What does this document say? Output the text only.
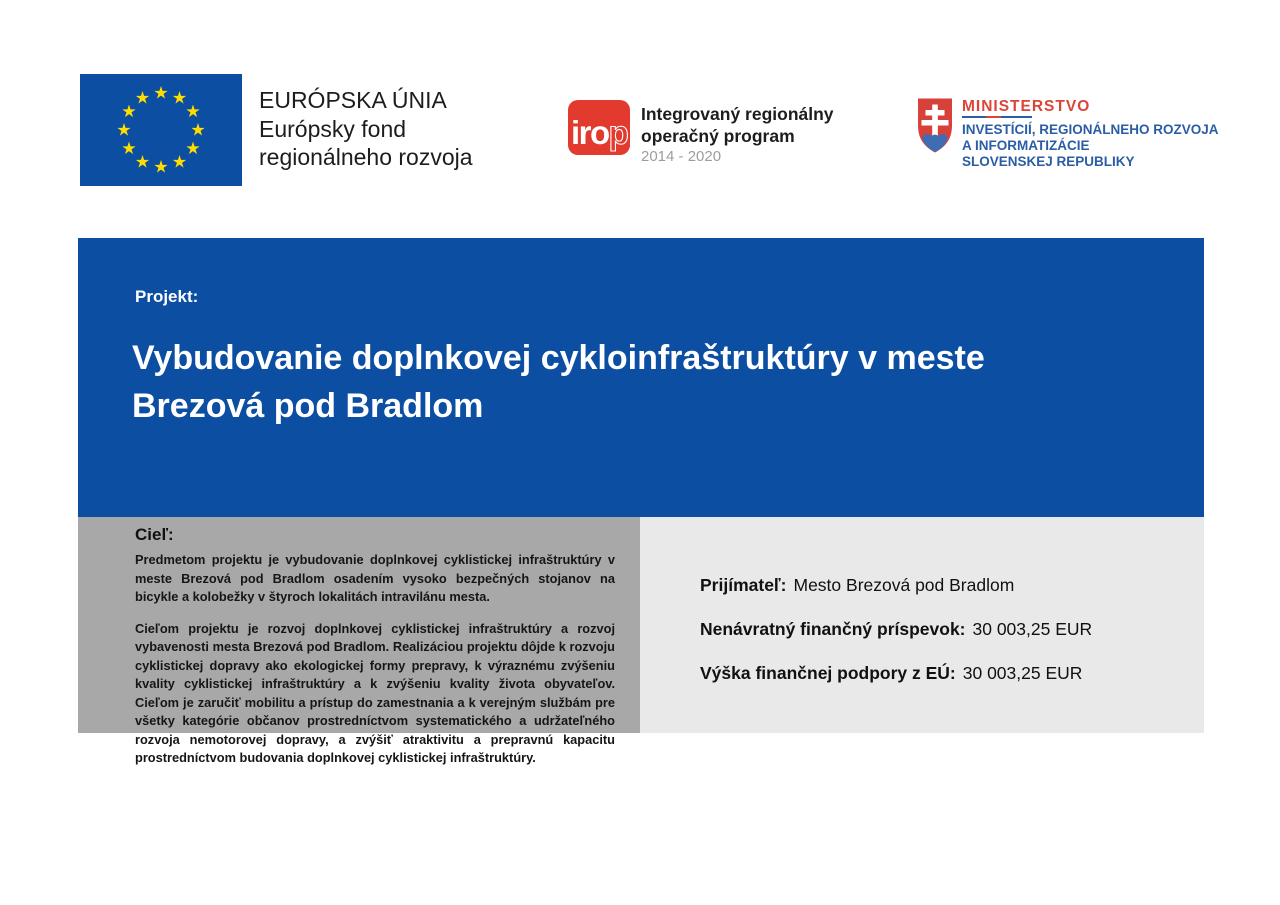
EURÓPSKA ÚNIA
Európsky fond
regionálneho rozvoja
irop Integrovaný regionálny
operačný program
2014 - 2020
MINISTERSTVO
INVESTÍCIÍ, REGIONÁLNEHO ROZVOJA
A INFORMATIZÁCIE
SLOVENSKEJ REPUBLIKY
Projekt:
Vybudovanie doplnkovej cykloinfraštruktúry v meste
Brezová pod Bradlom
Cieľ:

Predmetom projektu je vybudovanie doplnkovej cyklistickej infraštruktúry v meste Brezová pod Bradlom osadením vysoko bezpečných stojanov na bicykle a kolobežky v štyroch lokalitách intravilánu mesta.

Cieľom projektu je rozvoj doplnkovej cyklistickej infraštruktúry a rozvoj vybavenosti mesta Brezová pod Bradlom. Realizáciou projektu dôjde k rozvoju cyklistickej dopravy ako ekologickej formy prepravy, k výraznému zvýšeniu kvality cyklistickej infraštruktúry a k zvýšeniu kvality života obyvateľov. Cieľom je zaručiť mobilitu a prístup do zamestnania a k verejným službám pre všetky kategórie občanov prostredníctvom systematického a udržateľného rozvoja nemotorovej dopravy, a zvýšiť atraktivitu a prepravnú kapacitu prostredníctvom budovania doplnkovej cyklistickej infraštruktúry.

Prijímateľ: Mesto Brezová pod Bradlom
Nenávratný finančný príspevok: 30 003,25 EUR
Výška finančnej podpory z EÚ: 30 003,25 EUR
